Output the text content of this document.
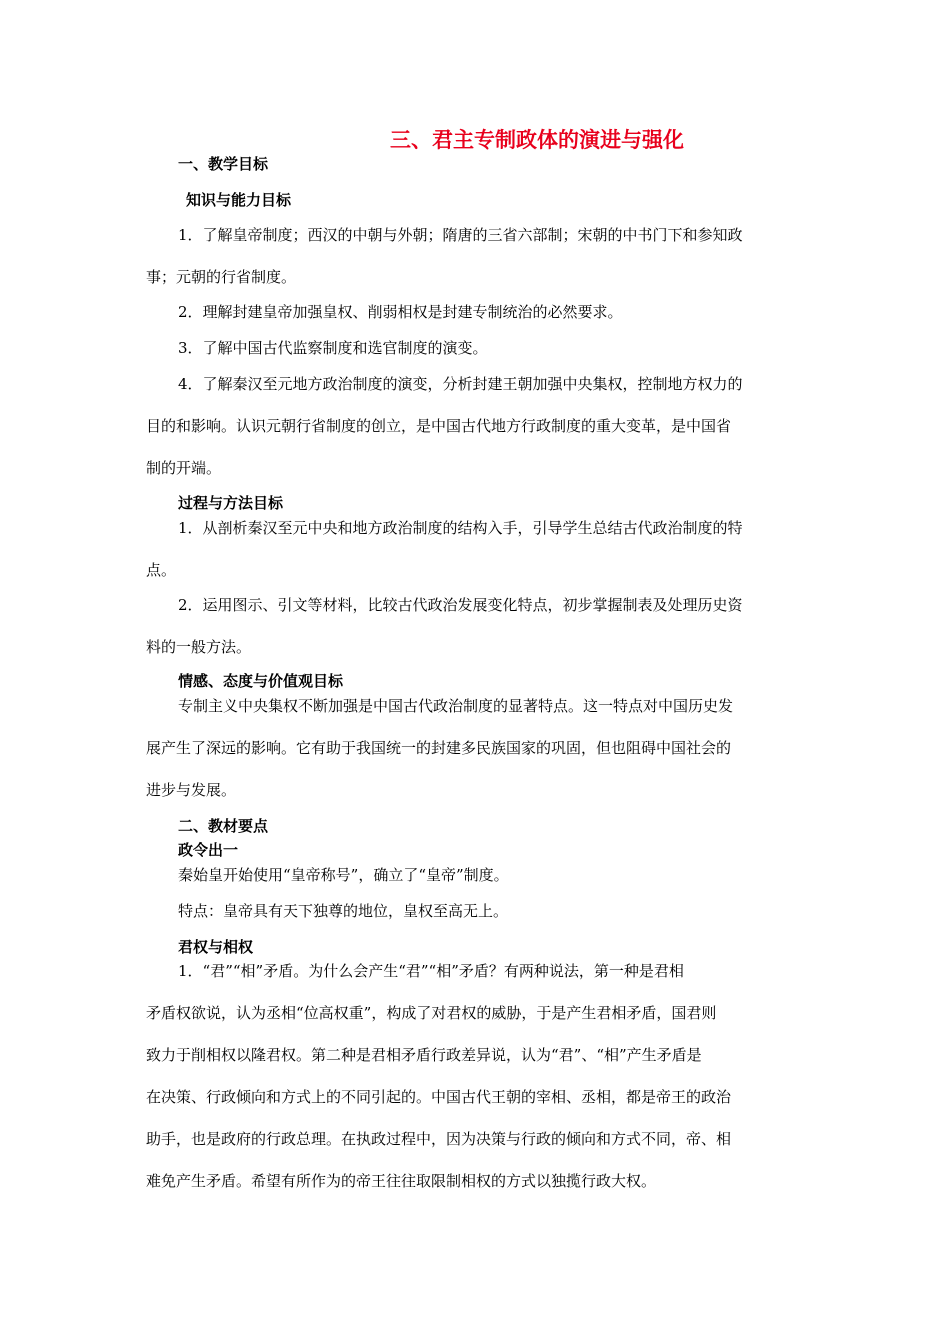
三、君主专制政体的演进与强化
一、教学目标
知识与能力目标
1．了解皇帝制度；西汉的中朝与外朝；隋唐的三省六部制；宋朝的中书门下和参知政
事；元朝的行省制度。
2．理解封建皇帝加强皇权、削弱相权是封建专制统治的必然要求。
3．了解中国古代监察制度和选官制度的演变。
4．了解秦汉至元地方政治制度的演变，分析封建王朝加强中央集权，控制地方权力的
目的和影响。认识元朝行省制度的创立，是中国古代地方行政制度的重大变革，是中国省
制的开端。
过程与方法目标
1．从剖析秦汉至元中央和地方政治制度的结构入手，引导学生总结古代政治制度的特
点。
2．运用图示、引文等材料，比较古代政治发展变化特点，初步掌握制表及处理历史资
料的一般方法。
情感、态度与价值观目标
专制主义中央集权不断加强是中国古代政治制度的显著特点。这一特点对中国历史发
展产生了深远的影响。它有助于我国统一的封建多民族国家的巩固，但也阻碍中国社会的
进步与发展。
二、教材要点
政令出一
秦始皇开始使用“皇帝称号”，确立了“皇帝”制度。
特点：皇帝具有天下独尊的地位，皇权至高无上。
君权与相权
1．“君”“相”矛盾。为什么会产生“君”“相”矛盾？有两种说法，第一种是君相
矛盾权欲说，认为丞相“位高权重”，构成了对君权的威胁，于是产生君相矛盾，国君则
致力于削相权以隆君权。第二种是君相矛盾行政差异说，认为“君”、“相”产生矛盾是
在决策、行政倾向和方式上的不同引起的。中国古代王朝的宰相、丞相，都是帝王的政治
助手，也是政府的行政总理。在执政过程中，因为决策与行政的倾向和方式不同，帝、相
难免产生矛盾。希望有所作为的帝王往往取限制相权的方式以独揽行政大权。
